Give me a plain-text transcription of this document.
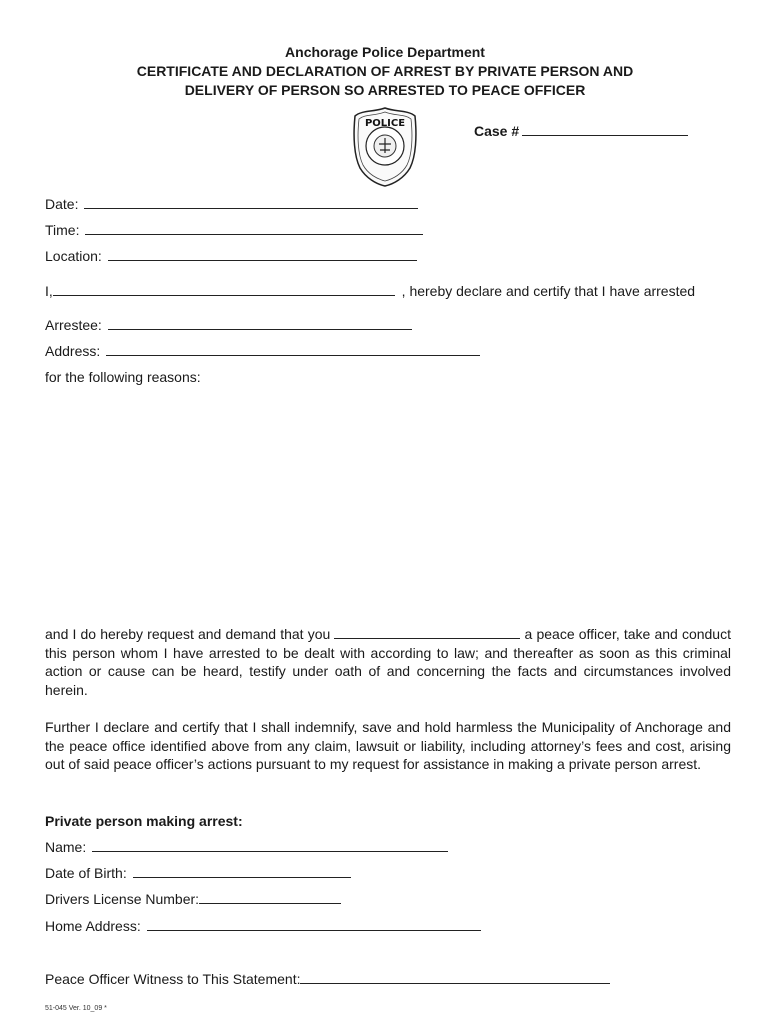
Anchorage Police Department
CERTIFICATE AND DECLARATION OF ARREST BY PRIVATE PERSON AND
DELIVERY OF PERSON SO ARRESTED TO PEACE OFFICER
POLICE	Case #
Date:
Time:
Location:
I,	, hereby declare and certify that I have arrested
Arrestee:
Address:
for the following reasons:
and I do hereby request and demand that you	a peace officer, take and conduct this person whom I have arrested to be dealt with according to law; and thereafter as soon as this criminal action or cause can be heard, testify under oath of and concerning the facts and circumstances involved herein.
Further I declare and certify that I shall indemnify, save and hold harmless the Municipality of Anchorage and the peace office identified above from any claim, lawsuit or liability, including attorney’s fees and cost, arising out of said peace officer’s actions pursuant to my request for assistance in making a private person arrest.
Private person making arrest:
Name:
Date of Birth:
Drivers License Number:
Home Address:
Peace Officer Witness to This Statement:
51-045 Ver. 10_09 *
